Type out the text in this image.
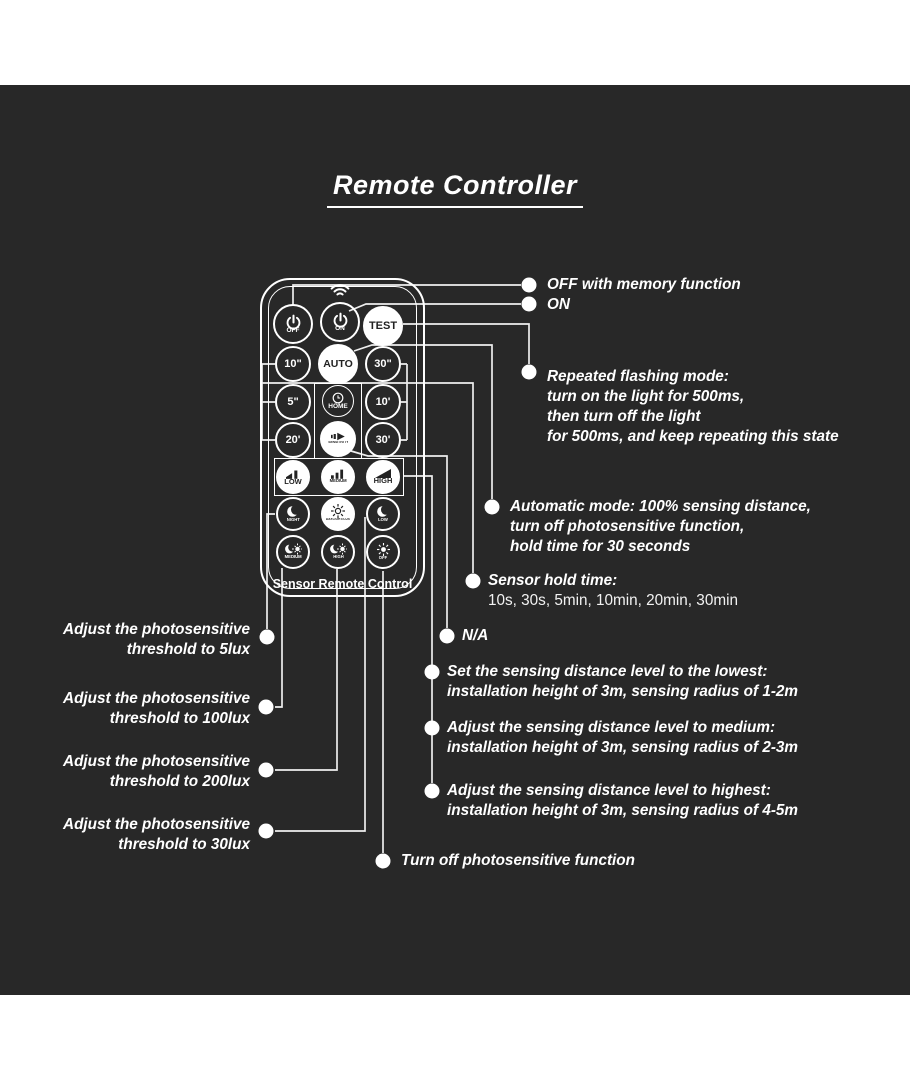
Remote Controller
OFF	ON TEST
10" AUTO 30"
5"	HOME	10'
20'	SENSITIVITY 30'
LOW	MEDIUM	HIGH
NIGHT	DAYLIGHT/LUX	LOW
MEDIUM	HIGH	OFF
Sensor Remote Control
OFF with memory function
ON
Repeated flashing mode:
turn on the light for 500ms,
then turn off the light
for 500ms, and keep repeating this state
Automatic mode: 100% sensing distance,
turn off photosensitive function,
hold time for 30 seconds
Sensor hold time:
10s, 30s, 5min, 10min, 20min, 30min
N/A
Set the sensing distance level to the lowest:
installation height of 3m, sensing radius of 1-2m
Adjust the sensing distance level to medium:
installation height of 3m, sensing radius of 2-3m
Adjust the sensing distance level to highest:
installation height of 3m, sensing radius of 4-5m
Turn off photosensitive function
Adjust the photosensitive
threshold to 5lux
Adjust the photosensitive
threshold to 100lux
Adjust the photosensitive
threshold to 200lux
Adjust the photosensitive
threshold to 30lux
